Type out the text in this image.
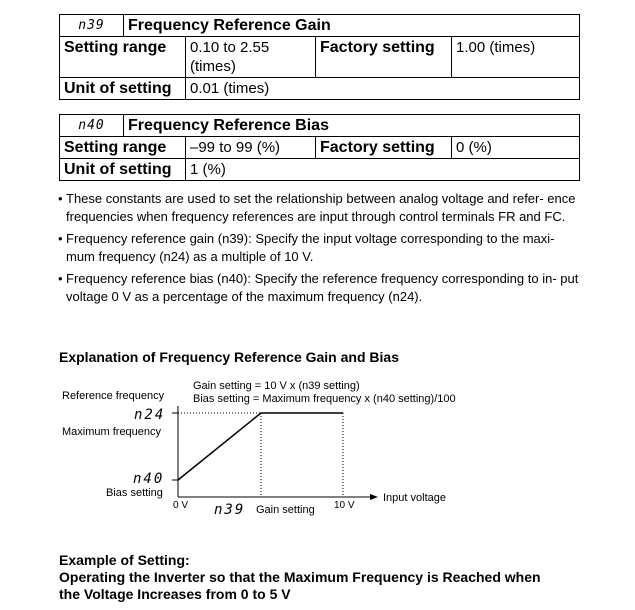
n39	Frequency Reference Gain			
Setting range		0.10 to 2.55 (times)	Factory setting	1.00 (times)
Unit of setting		0.01 (times)		
n40	Frequency Reference Bias			
Setting range		–99 to 99 (%)	Factory setting	0 (%)
Unit of setting		1 (%)		
• These constants are used to set the relationship between analog voltage and refer- ence frequencies when frequency references are input through control terminals FR and FC.
• Frequency reference gain (n39): Specify the input voltage corresponding to the maxi- mum frequency (n24) as a multiple of 10 V.
• Frequency reference bias (n40): Specify the reference frequency corresponding to in- put voltage 0 V as a percentage of the maximum frequency (n24).
Explanation of Frequency Reference Gain and Bias
Gain setting = 10 V x (n39 setting)
Bias setting = Maximum frequency x (n40 setting)/100
Reference frequency
n24
Maximum frequency
n40
Bias setting
0 V n39 Gain setting 10 V
Input voltage
Example of Setting:
Operating the Inverter so that the Maximum Frequency is Reached when
the Voltage Increases from 0 to 5 V
